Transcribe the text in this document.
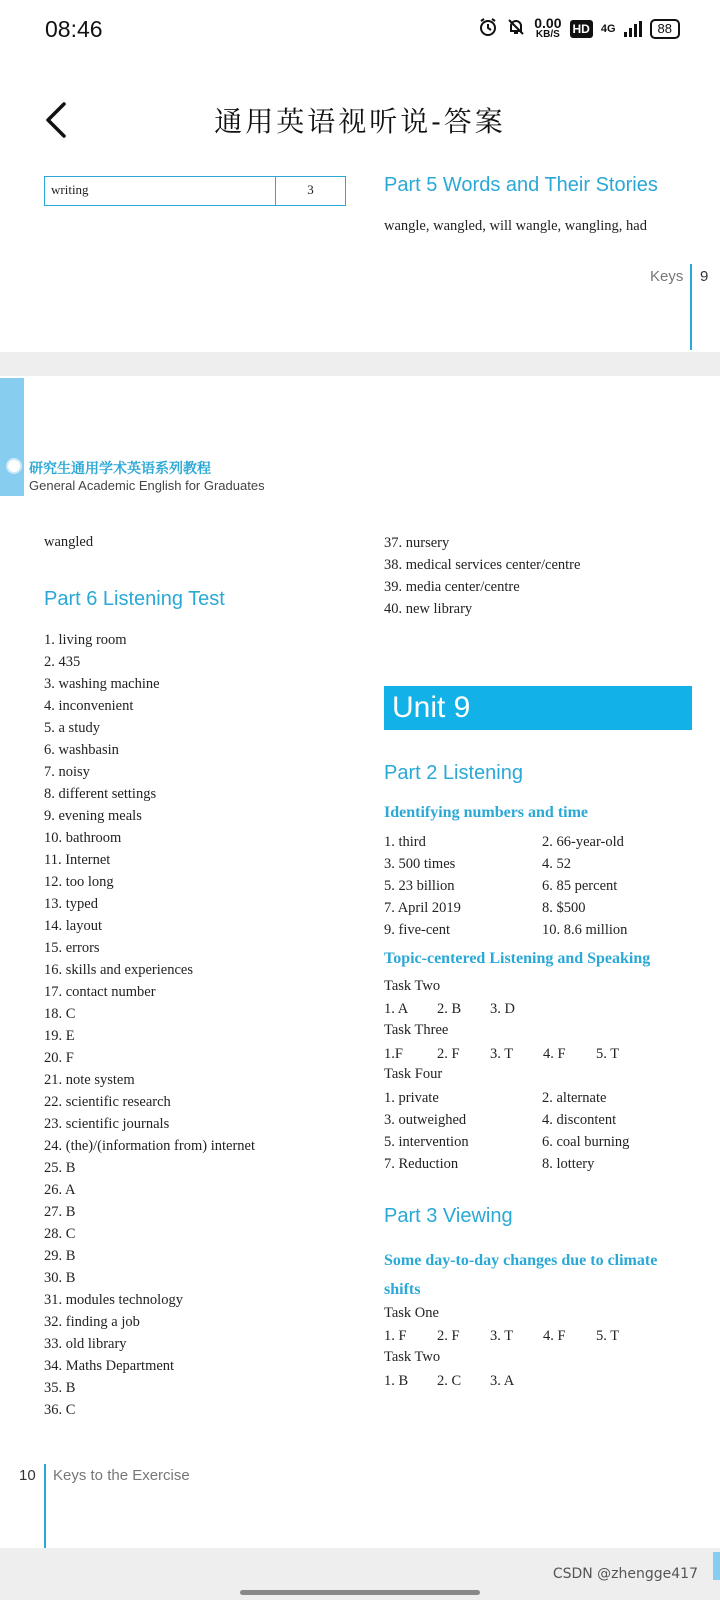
08:46	0.00
KB/S HD 4G	88
通用英语视听说-答案
writing	3	Part 5 Words and Their Stories
wangle, wangled, will wangle, wangling, had
Keys 9
研究生通用学术英语系列教程
General Academic English for Graduates
wangled
Part 6 Listening Test
1. living room
2. 435
3. washing machine
4. inconvenient
5. a study
6. washbasin
7. noisy
8. different settings
9. evening meals
10. bathroom
11. Internet
12. too long
13. typed
14. layout
15. errors
16. skills and experiences
17. contact number
18. C
19. E
20. F
21. note system
22. scientific research
23. scientific journals
24. (the)/(information from) internet
25. B
26. A
27. B
28. C
29. B
30. B
31. modules technology
32. finding a job
33. old library
34. Maths Department
35. B
36. C
37. nursery
38. medical services center/centre
39. media center/centre
40. new library
Unit 9
Part 2 Listening
Identifying numbers and time
1. third	2. 66-year-old
3. 500 times	4. 52
5. 23 billion	6. 85 percent
7. April 2019	8. $500
9. five-cent	10. 8.6 million
Topic-centered Listening and Speaking
Task Two
1. A	2. B	3. D
Task Three
1.F	2. F	3. T	4. F	5. T
Task Four
1. private	2. alternate
3. outweighed	4. discontent
5. intervention	6. coal burning
7. Reduction	8. lottery
Part 3 Viewing
Some day-to-day changes due to climate shifts
Task One
1. F	2. F	3. T	4. F	5. T
Task Two
1. B	2. C	3. A
10 Keys to the Exercise
CSDN @zhengge417
